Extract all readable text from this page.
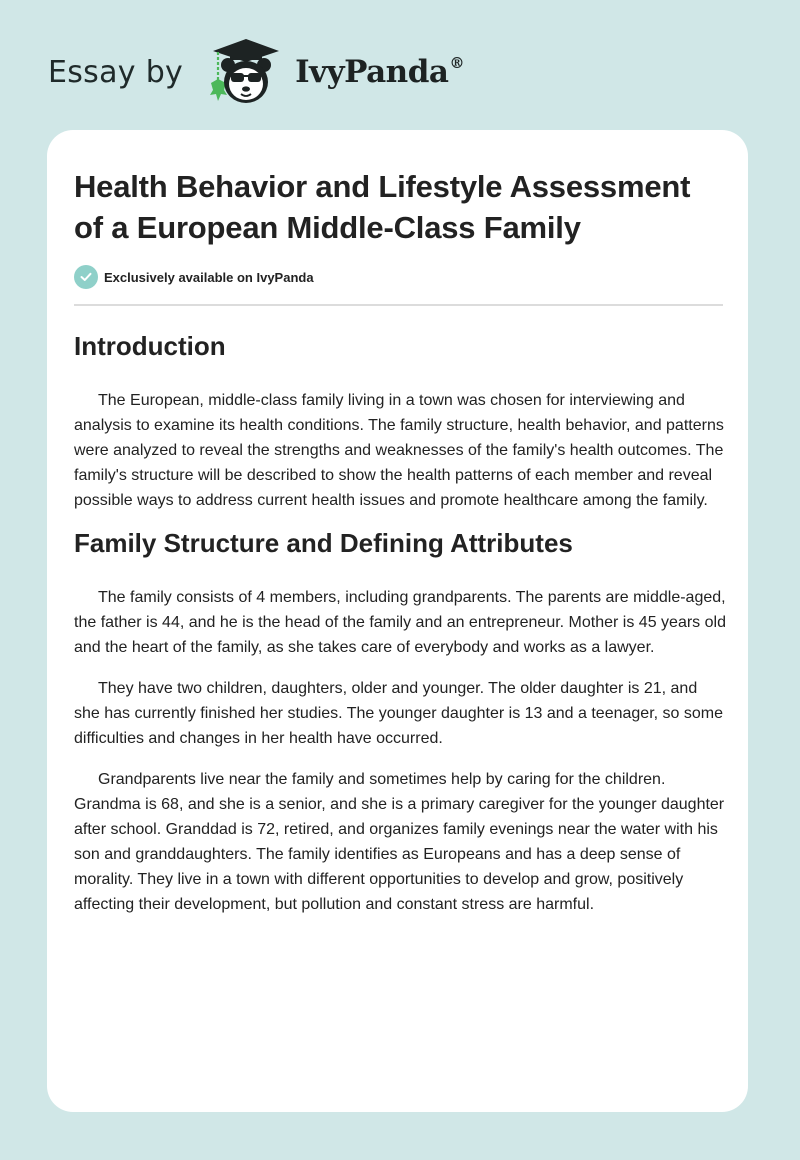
Essay by	IvyPanda®
Health Behavior and Lifestyle Assessment of a European Middle-Class Family
Exclusively available on IvyPanda
Introduction

The European, middle-class family living in a town was chosen for interviewing and analysis to examine its health conditions. The family structure, health behavior, and patterns were analyzed to reveal the strengths and weaknesses of the family's health outcomes. The family's structure will be described to show the health patterns of each member and reveal possible ways to address current health issues and promote healthcare among the family.

Family Structure and Defining Attributes

The family consists of 4 members, including grandparents. The parents are middle-aged, the father is 44, and he is the head of the family and an entrepreneur. Mother is 45 years old and the heart of the family, as she takes care of everybody and works as a lawyer.

They have two children, daughters, older and younger. The older daughter is 21, and she has currently finished her studies. The younger daughter is 13 and a teenager, so some difficulties and changes in her health have occurred.

Grandparents live near the family and sometimes help by caring for the children. Grandma is 68, and she is a senior, and she is a primary caregiver for the younger daughter after school. Granddad is 72, retired, and organizes family evenings near the water with his son and granddaughters. The family identifies as Europeans and has a deep sense of morality. They live in a town with different opportunities to develop and grow, positively affecting their development, but pollution and constant stress are harmful.
